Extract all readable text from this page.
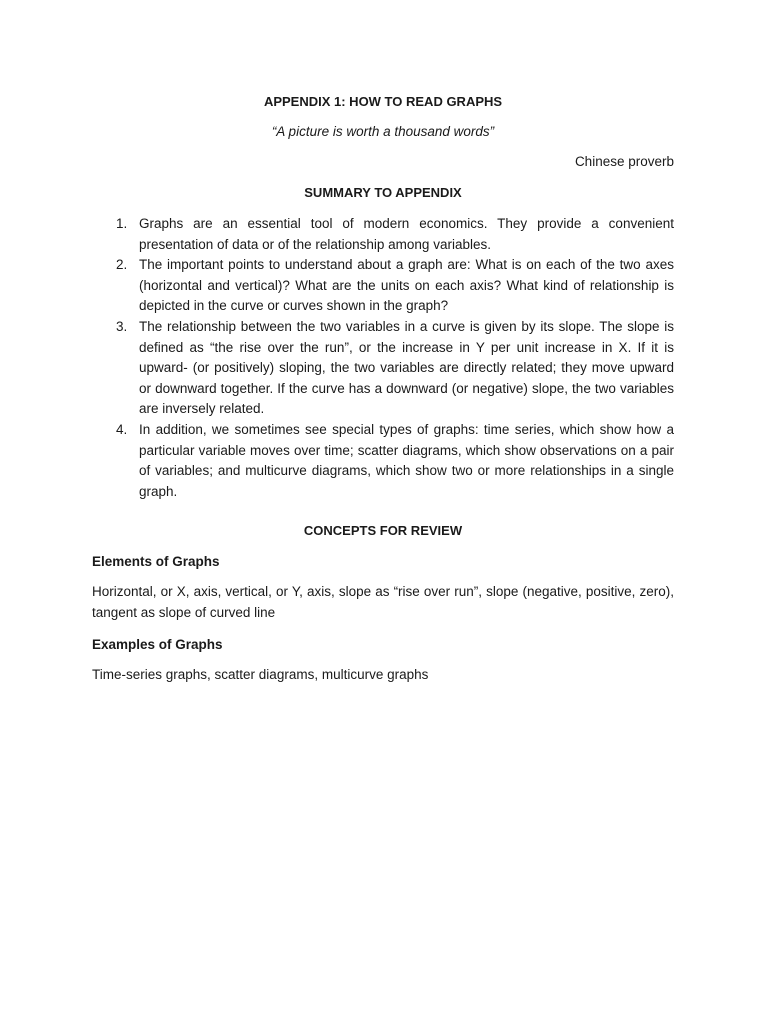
APPENDIX 1: HOW TO READ GRAPHS

“A picture is worth a thousand words”

Chinese proverb

SUMMARY TO APPENDIX

1. Graphs are an essential tool of modern economics. They provide a convenient presentation of data or of the relationship among variables.
2. The important points to understand about a graph are: What is on each of the two axes (horizontal and vertical)? What are the units on each axis? What kind of relationship is depicted in the curve or curves shown in the graph?
3. The relationship between the two variables in a curve is given by its slope. The slope is defined as “the rise over the run”, or the increase in Y per unit increase in X. If it is upward- (or positively) sloping, the two variables are directly related; they move upward or downward together. If the curve has a downward (or negative) slope, the two variables are inversely related.
4. In addition, we sometimes see special types of graphs: time series, which show how a particular variable moves over time; scatter diagrams, which show observations on a pair of variables; and multicurve diagrams, which show two or more relationships in a single graph.

CONCEPTS FOR REVIEW

Elements of Graphs

Horizontal, or X, axis, vertical, or Y, axis, slope as “rise over run”, slope (negative, positive, zero), tangent as slope of curved line

Examples of Graphs

Time-series graphs, scatter diagrams, multicurve graphs
